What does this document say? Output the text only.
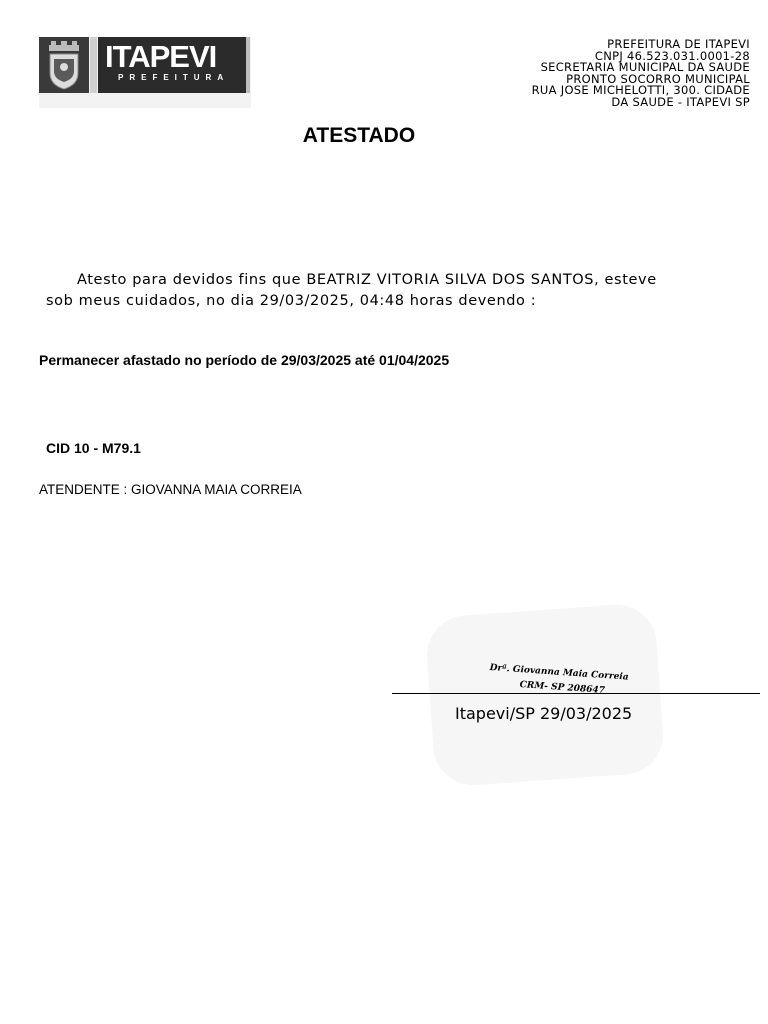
ITAPEVI
PREFEITURA
PREFEITURA DE ITAPEVI
CNPJ 46.523.031.0001-28
SECRETARIA MUNICIPAL DA SAUDE
PRONTO SOCORRO MUNICIPAL
RUA JOSE MICHELOTTI, 300. CIDADE
DA SAUDE - ITAPEVI SP
ATESTADO
Atesto para devidos fins que BEATRIZ VITORIA SILVA DOS SANTOS, esteve
sob meus cuidados, no dia 29/03/2025, 04:48 horas devendo :
Permanecer afastado no período de 29/03/2025 até 01/04/2025
CID 10 - M79.1
ATENDENTE : GIOVANNA MAIA CORREIA
Drª. Giovanna Maia Correia
CRM- SP 208647
Itapevi/SP 29/03/2025
